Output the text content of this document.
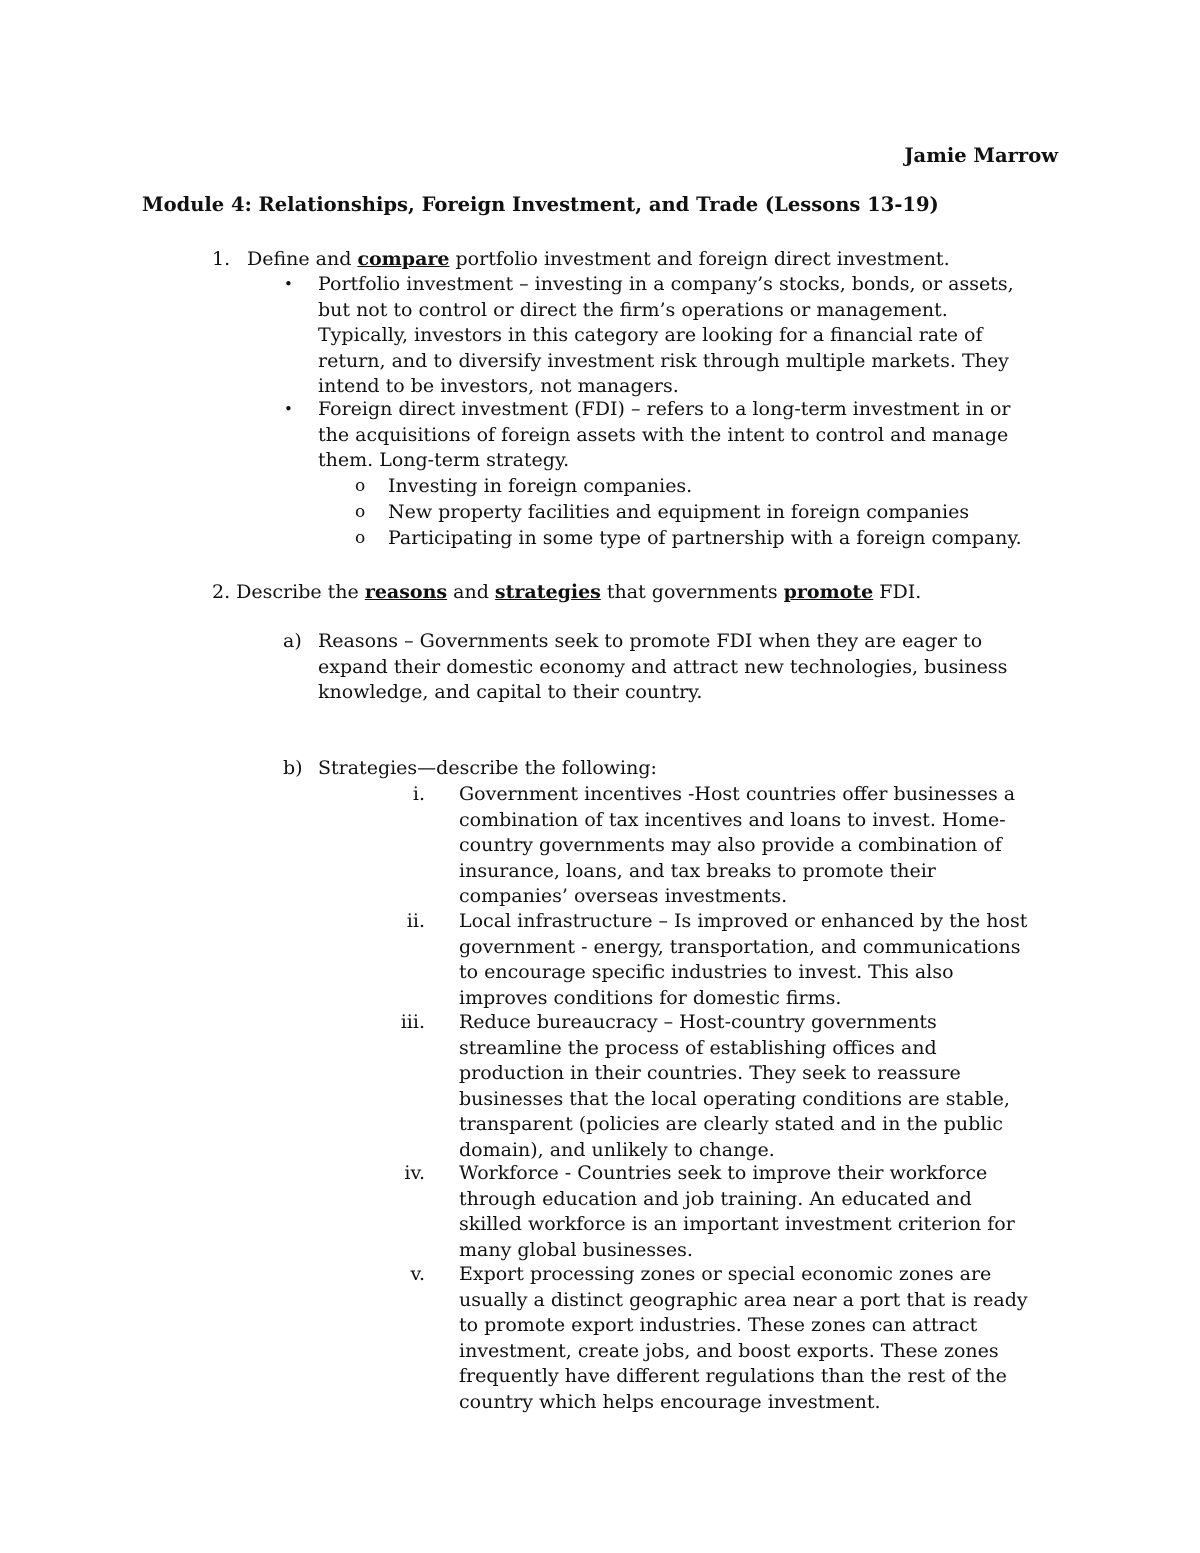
Jamie Marrow
Module 4: Relationships, Foreign Investment, and Trade (Lessons 13-19)
1. Define and compare portfolio investment and foreign direct investment.
• Portfolio investment – investing in a company’s stocks, bonds, or assets, but not to control or direct the firm’s operations or management. Typically, investors in this category are looking for a financial rate of return, and to diversify investment risk through multiple markets. They intend to be investors, not managers.
• Foreign direct investment (FDI) – refers to a long-term investment in or the acquisitions of foreign assets with the intent to control and manage them. Long-term strategy.
o Investing in foreign companies.
o New property facilities and equipment in foreign companies
o Participating in some type of partnership with a foreign company.
2. Describe the reasons and strategies that governments promote FDI.
a) Reasons – Governments seek to promote FDI when they are eager to expand their domestic economy and attract new technologies, business knowledge, and capital to their country.
b) Strategies—describe the following:
i. Government incentives -Host countries offer businesses a combination of tax incentives and loans to invest. Home-country governments may also provide a combination of insurance, loans, and tax breaks to promote their companies’ overseas investments.
ii. Local infrastructure – Is improved or enhanced by the host government - energy, transportation, and communications to encourage specific industries to invest. This also improves conditions for domestic firms.
iii. Reduce bureaucracy – Host-country governments streamline the process of establishing offices and production in their countries. They seek to reassure businesses that the local operating conditions are stable, transparent (policies are clearly stated and in the public domain), and unlikely to change.
iv. Workforce - Countries seek to improve their workforce through education and job training. An educated and skilled workforce is an important investment criterion for many global businesses.
v. Export processing zones or special economic zones are usually a distinct geographic area near a port that is ready to promote export industries. These zones can attract investment, create jobs, and boost exports. These zones frequently have different regulations than the rest of the country which helps encourage investment.
